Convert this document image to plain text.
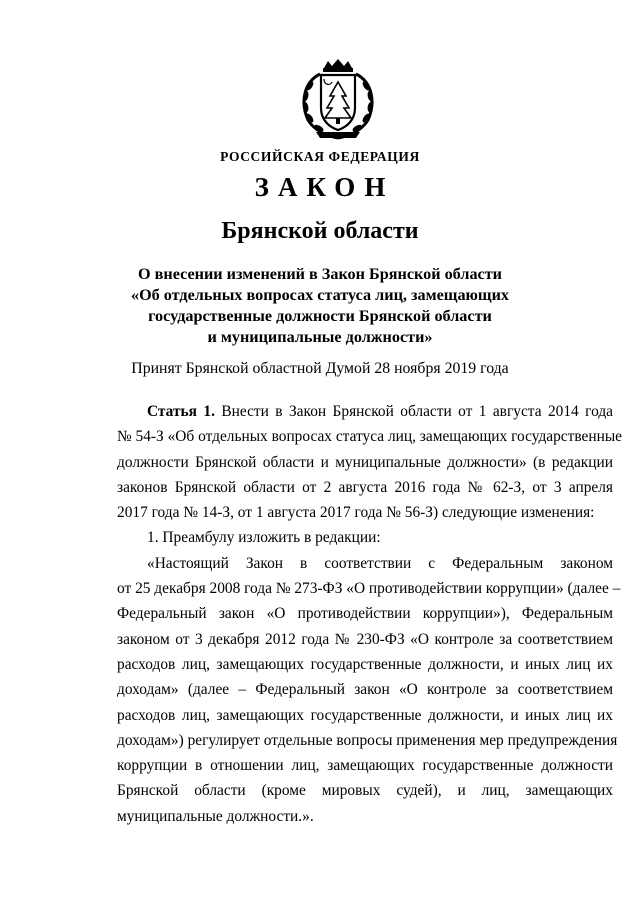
РОССИЙСКАЯ ФЕДЕРАЦИЯ
ЗАКОН
Брянской области
О внесении изменений в Закон Брянской области
«Об отдельных вопросах статуса лиц, замещающих
государственные должности Брянской области
и муниципальные должности»
Принят Брянской областной Думой 28 ноября 2019 года
Статья 1. Внести в Закон Брянской области от 1 августа 2014 года
№ 54-З «Об отдельных вопросах статуса лиц, замещающих государственные
должности Брянской области и муниципальные должности» (в редакции
законов Брянской области от 2 августа 2016 года № 62-З, от 3 апреля
2017 года № 14-З, от 1 августа 2017 года № 56-З) следующие изменения:
1. Преамбулу изложить в редакции:
«Настоящий Закон в соответствии с Федеральным законом
от 25 декабря 2008 года № 273-ФЗ «О противодействии коррупции» (далее –
Федеральный закон «О противодействии коррупции»), Федеральным
законом от 3 декабря 2012 года № 230-ФЗ «О контроле за соответствием
расходов лиц, замещающих государственные должности, и иных лиц их
доходам» (далее – Федеральный закон «О контроле за соответствием
расходов лиц, замещающих государственные должности, и иных лиц их
доходам») регулирует отдельные вопросы применения мер предупреждения
коррупции в отношении лиц, замещающих государственные должности
Брянской области (кроме мировых судей), и лиц, замещающих
муниципальные должности.».
